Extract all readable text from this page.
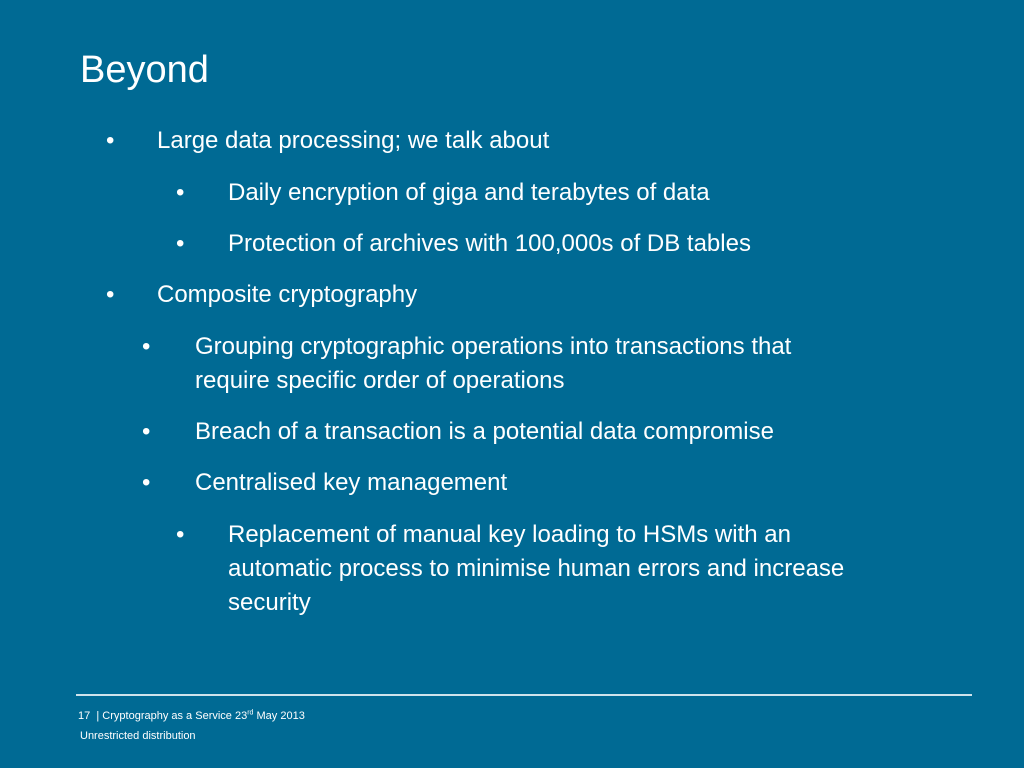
Beyond
• Large data processing; we talk about
• Daily encryption of giga and terabytes of data
• Protection of archives with 100,000s of DB tables
• Composite cryptography
• Grouping cryptographic operations into transactions that
require specific order of operations
• Breach of a transaction is a potential data compromise
• Centralised key management
• Replacement of manual key loading to HSMs with an
automatic process to minimise human errors and increase
security
17 | Cryptography as a Service 23rd May 2013
Unrestricted distribution
